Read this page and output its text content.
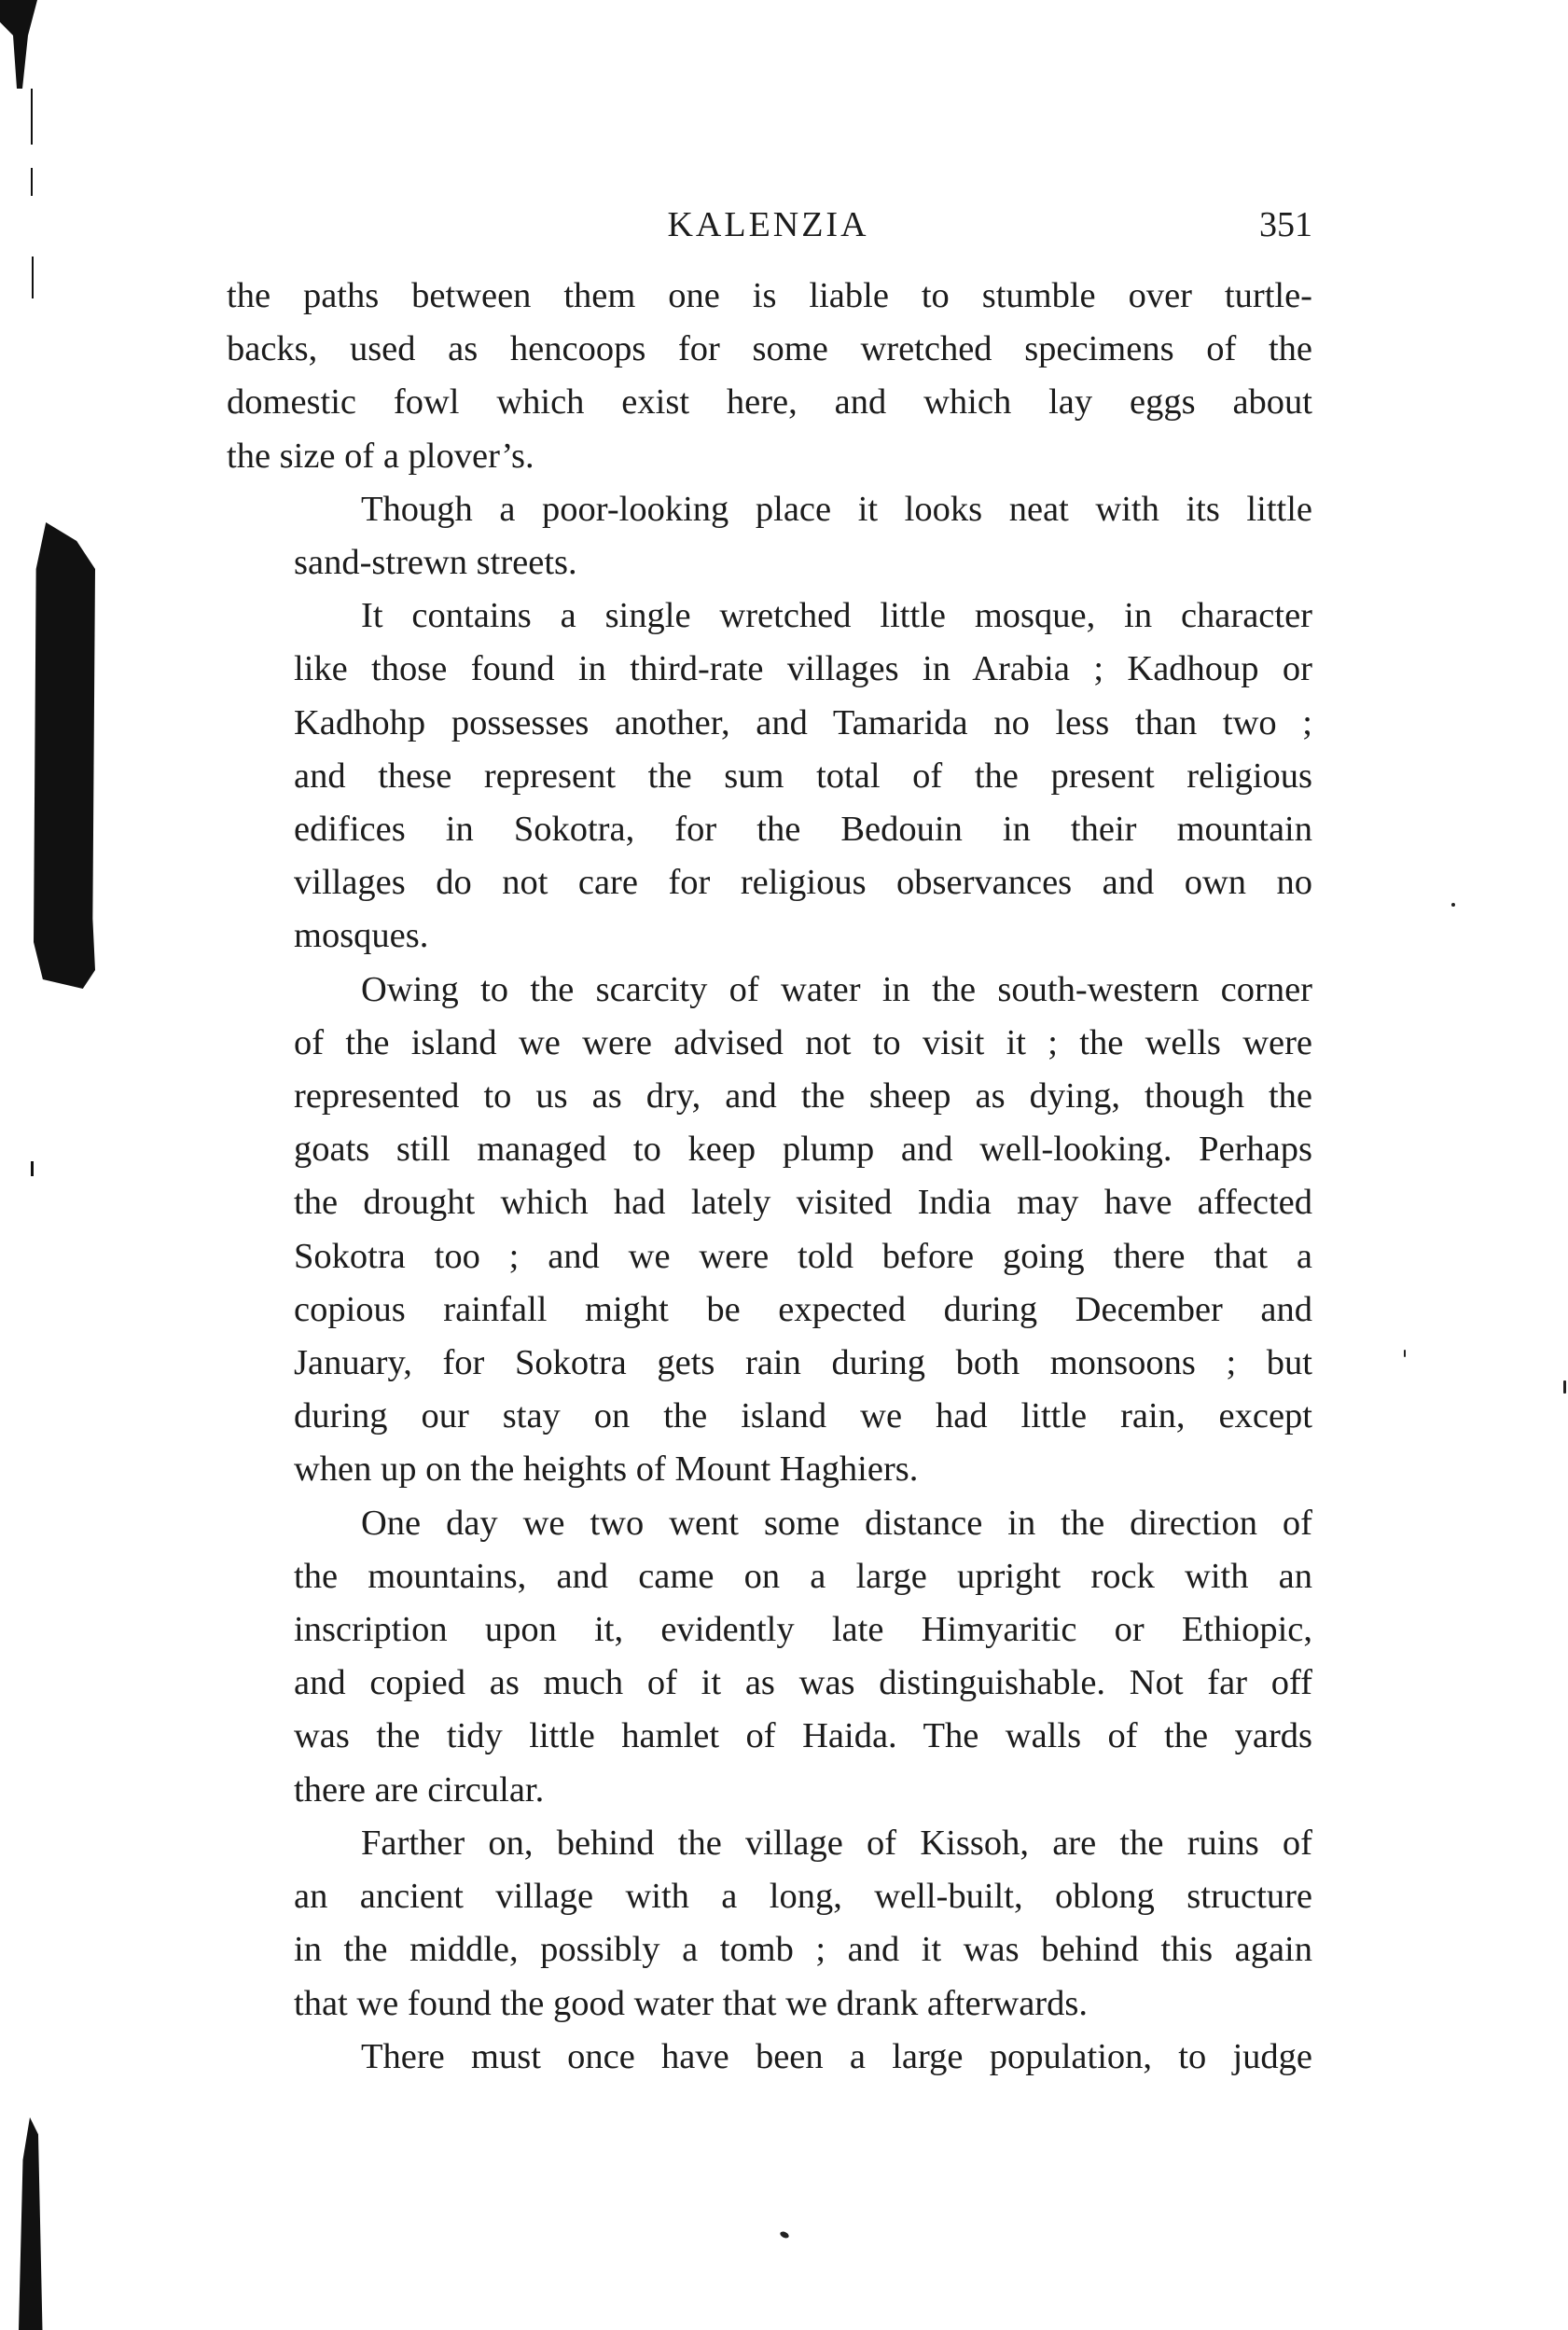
KALENZIA	351
the paths between them one is liable to stumble over turtle-
backs, used as hencoops for some wretched specimens of the
domestic fowl which exist here, and which lay eggs about
the size of a plover’s.
Though a poor-looking place it looks neat with its little
sand-strewn streets.
It contains a single wretched little mosque, in character
like those found in third-rate villages in Arabia ; Kadhoup or
Kadhohp possesses another, and Tamarida no less than two ;
and these represent the sum total of the present religious
edifices in Sokotra, for the Bedouin in their mountain
villages do not care for religious observances and own no
mosques.
Owing to the scarcity of water in the south-western corner
of the island we were advised not to visit it ; the wells were
represented to us as dry, and the sheep as dying, though the
goats still managed to keep plump and well-looking. Perhaps
the drought which had lately visited India may have affected
Sokotra too ; and we were told before going there that a
copious rainfall might be expected during December and
January, for Sokotra gets rain during both monsoons ; but
during our stay on the island we had little rain, except
when up on the heights of Mount Haghiers.
One day we two went some distance in the direction of
the mountains, and came on a large upright rock with an
inscription upon it, evidently late Himyaritic or Ethiopic,
and copied as much of it as was distinguishable. Not far off
was the tidy little hamlet of Haida. The walls of the yards
there are circular.
Farther on, behind the village of Kissoh, are the ruins of
an ancient village with a long, well-built, oblong structure
in the middle, possibly a tomb ; and it was behind this again
that we found the good water that we drank afterwards.
There must once have been a large population, to judge
